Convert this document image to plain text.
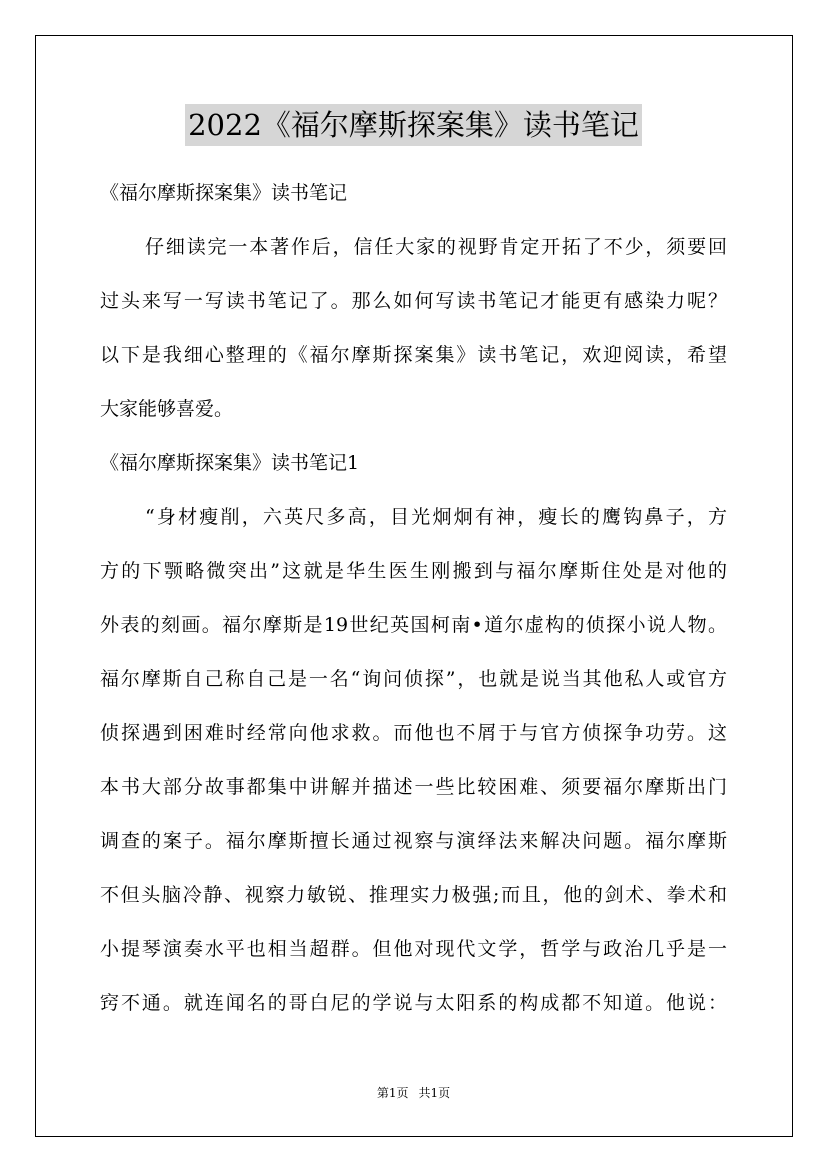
2022《福尔摩斯探案集》读书笔记
《福尔摩斯探案集》读书笔记
仔细读完一本著作后，信任大家的视野肯定开拓了不少，须要回
过头来写一写读书笔记了。那么如何写读书笔记才能更有感染力呢？
以下是我细心整理的《福尔摩斯探案集》读书笔记，欢迎阅读，希望
大家能够喜爱。
《福尔摩斯探案集》读书笔记1
“身材瘦削，六英尺多高，目光炯炯有神，瘦长的鹰钩鼻子，方
方的下颚略微突出”这就是华生医生刚搬到与福尔摩斯住处是对他的
外表的刻画。福尔摩斯是19世纪英国柯南•道尔虚构的侦探小说人物。
福尔摩斯自己称自己是一名“询问侦探”，也就是说当其他私人或官方
侦探遇到困难时经常向他求救。而他也不屑于与官方侦探争功劳。这
本书大部分故事都集中讲解并描述一些比较困难、须要福尔摩斯出门
调查的案子。福尔摩斯擅长通过视察与演绎法来解决问题。福尔摩斯
不但头脑冷静、视察力敏锐、推理实力极强;而且，他的剑术、拳术和
小提琴演奏水平也相当超群。但他对现代文学，哲学与政治几乎是一
窍不通。就连闻名的哥白尼的学说与太阳系的构成都不知道。他说：
第1页 共1页
